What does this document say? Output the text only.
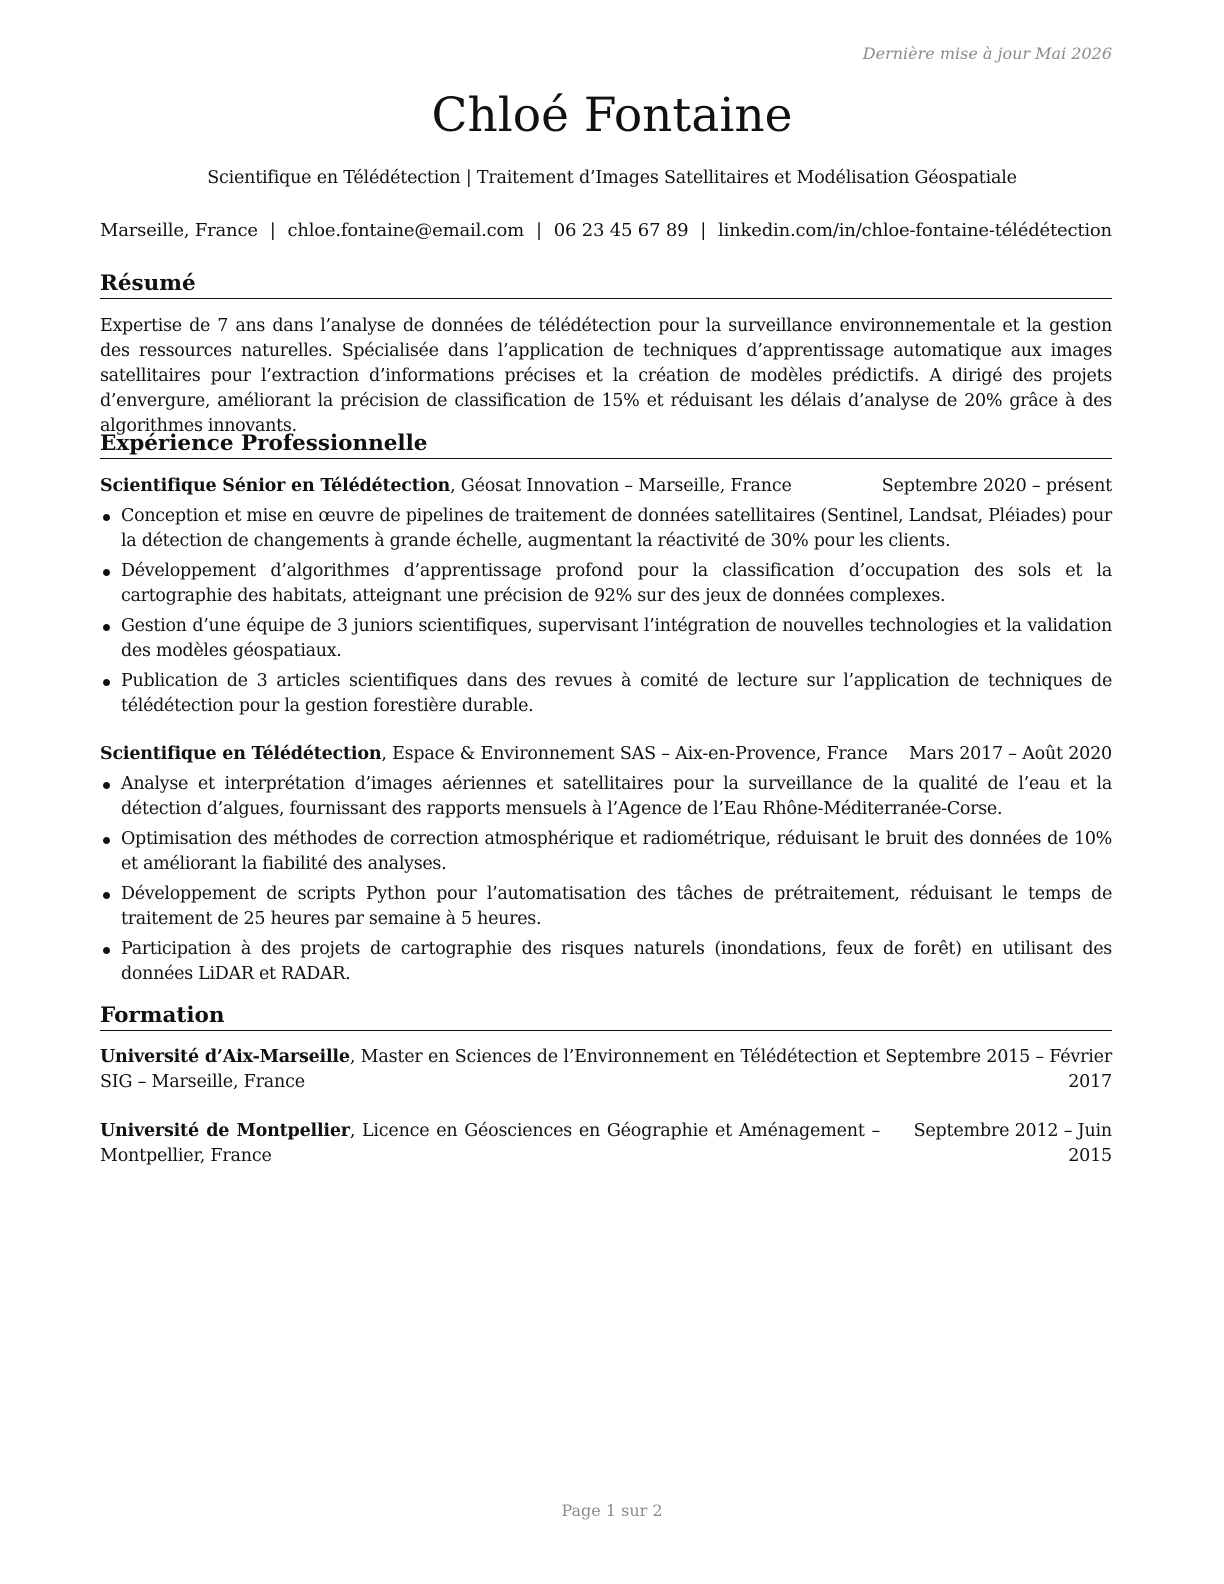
Dernière mise à jour Mai 2026
Chloé Fontaine
Scientifique en Télédétection | Traitement d’Images Satellitaires et Modélisation Géospatiale
Marseille, France | chloe.fontaine@email.com | 06 23 45 67 89 | linkedin.com/in/chloe-fontaine-télédétection
Résumé
Expertise de 7 ans dans l’analyse de données de télédétection pour la surveillance environnementale et la gestion des ressources naturelles. Spécialisée dans l’application de techniques d’apprentissage automatique aux images satellitaires pour l’extraction d’informations précises et la création de modèles prédictifs. A dirigé des projets d’envergure, améliorant la précision de classification de 15% et réduisant les délais d’analyse de 20% grâce à des algorithmes innovants.
Expérience Professionnelle
Scientifique Sénior en Télédétection, Géosat Innovation – Marseille, France	Septembre 2020 – présent
Conception et mise en œuvre de pipelines de traitement de données satellitaires (Sentinel, Landsat, Pléiades) pour la détection de changements à grande échelle, augmentant la réactivité de 30% pour les clients.
Développement d’algorithmes d’apprentissage profond pour la classification d’occupation des sols et la cartographie des habitats, atteignant une précision de 92% sur des jeux de données complexes.
Gestion d’une équipe de 3 juniors scientifiques, supervisant l’intégration de nouvelles technologies et la validation des modèles géospatiaux.
Publication de 3 articles scientifiques dans des revues à comité de lecture sur l’application de techniques de télédétection pour la gestion forestière durable.
Scientifique en Télédétection, Espace & Environnement SAS – Aix-en-Provence, France Mars 2017 – Août 2020
Analyse et interprétation d’images aériennes et satellitaires pour la surveillance de la qualité de l’eau et la détection d’algues, fournissant des rapports mensuels à l’Agence de l’Eau Rhône-Méditerranée-Corse.
Optimisation des méthodes de correction atmosphérique et radiométrique, réduisant le bruit des données de 10% et améliorant la fiabilité des analyses.
Développement de scripts Python pour l’automatisation des tâches de prétraitement, réduisant le temps de traitement de 25 heures par semaine à 5 heures.
Participation à des projets de cartographie des risques naturels (inondations, feux de forêt) en utilisant des données LiDAR et RADAR.
Formation
Université d’Aix-Marseille, Master en Sciences de l’Environnement en Télédétection et SIG – Marseille, France
Septembre 2015 – Février 2017
Université de Montpellier, Licence en Géosciences en Géographie et Aménagement – Montpellier, France
Septembre 2012 – Juin 2015
Page 1 sur 2
